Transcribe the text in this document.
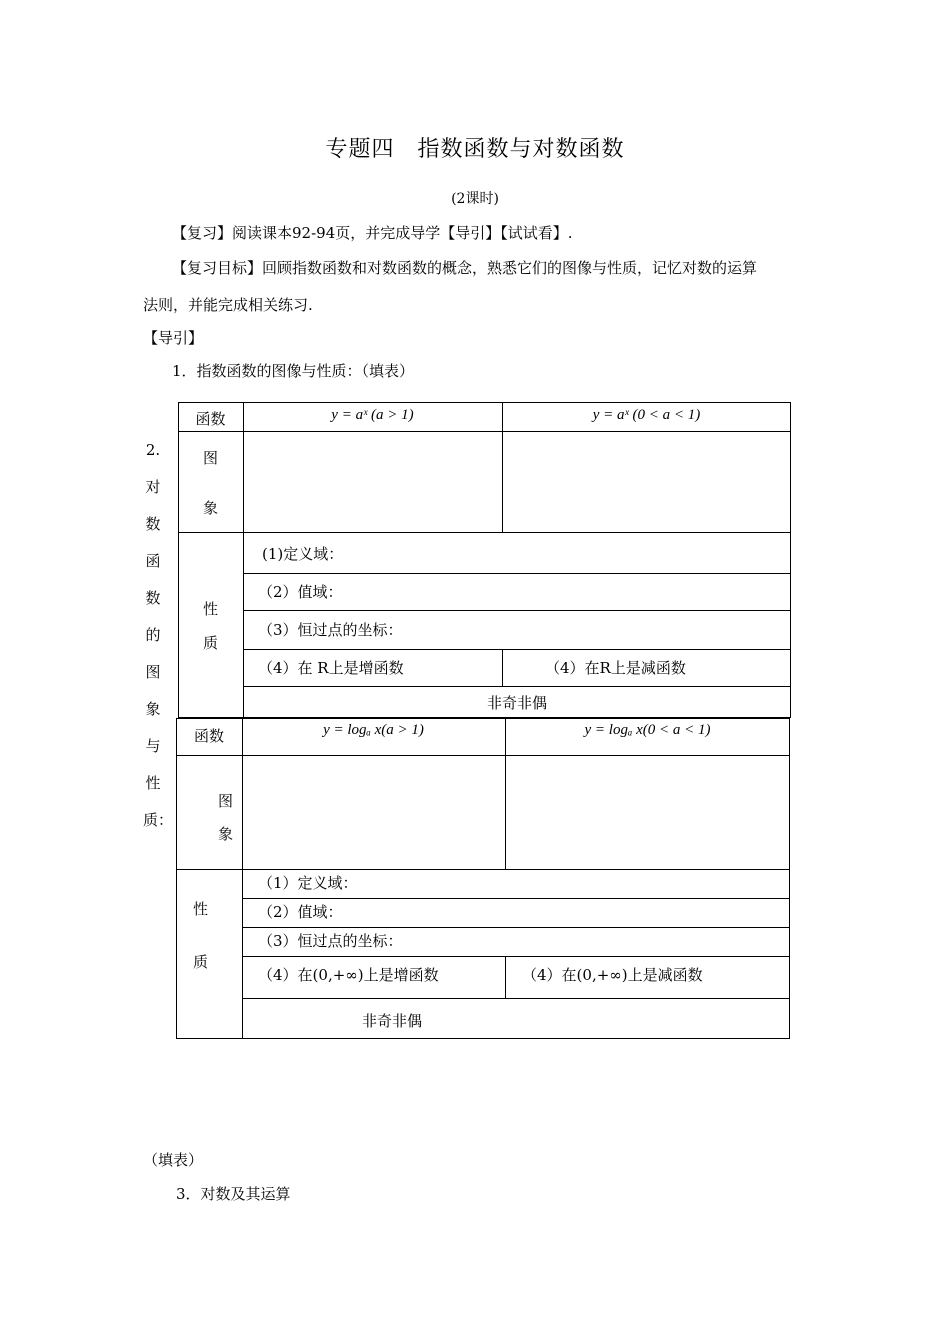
专题四　指数函数与对数函数
(2课时)
【复习】阅读课本92-94页，并完成导学【导引】【试试看】.
【复习目标】回顾指数函数和对数函数的概念，熟悉它们的图像与性质，记忆对数的运算
法则，并能完成相关练习.
【导引】
1．指数函数的图像与性质：（填表）
2.
对
数
函
数
的
图
象
与
性
质：
函数	y = aˣ (a > 1)	y = aˣ (0 < a < 1)
图
象
性
质
(1)定义域：
（2）值域：
（3）恒过点的坐标：
（4）在 R上是增函数	（4）在R上是减函数
非奇非偶
函数	y = logₐ x(a > 1)	y = logₐ x(0 < a < 1)
图
象
性
质
（1）定义域：
（2）值域：
（3）恒过点的坐标：
（4）在(0,+∞)上是增函数	（4）在(0,+∞)上是减函数
非奇非偶
（填表）
3．对数及其运算
